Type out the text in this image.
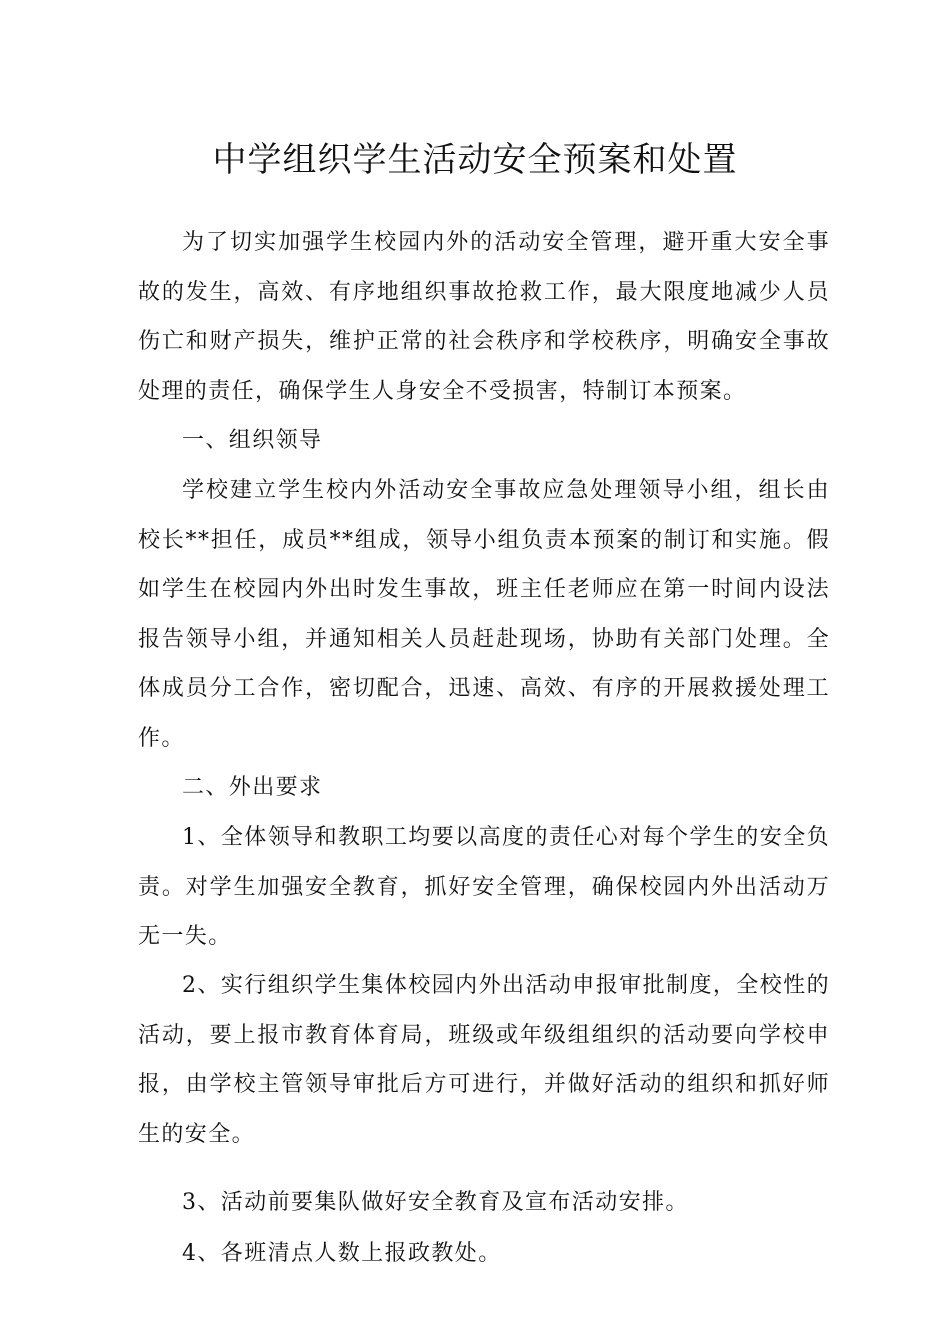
中学组织学生活动安全预案和处置

为了切实加强学生校园内外的活动安全管理，避开重大安全事故的发生，高效、有序地组织事故抢救工作，最大限度地减少人员伤亡和财产损失，维护正常的社会秩序和学校秩序，明确安全事故处理的责任，确保学生人身安全不受损害，特制订本预案。

一、组织领导

学校建立学生校内外活动安全事故应急处理领导小组，组长由校长**担任，成员**组成，领导小组负责本预案的制订和实施。假如学生在校园内外出时发生事故，班主任老师应在第一时间内设法报告领导小组，并通知相关人员赶赴现场，协助有关部门处理。全体成员分工合作，密切配合，迅速、高效、有序的开展救援处理工作。

二、外出要求

1、全体领导和教职工均要以高度的责任心对每个学生的安全负责。对学生加强安全教育，抓好安全管理，确保校园内外出活动万无一失。

2、实行组织学生集体校园内外出活动申报审批制度，全校性的活动，要上报市教育体育局，班级或年级组组织的活动要向学校申报，由学校主管领导审批后方可进行，并做好活动的组织和抓好师生的安全。

3、活动前要集队做好安全教育及宣布活动安排。

4、各班清点人数上报政教处。
